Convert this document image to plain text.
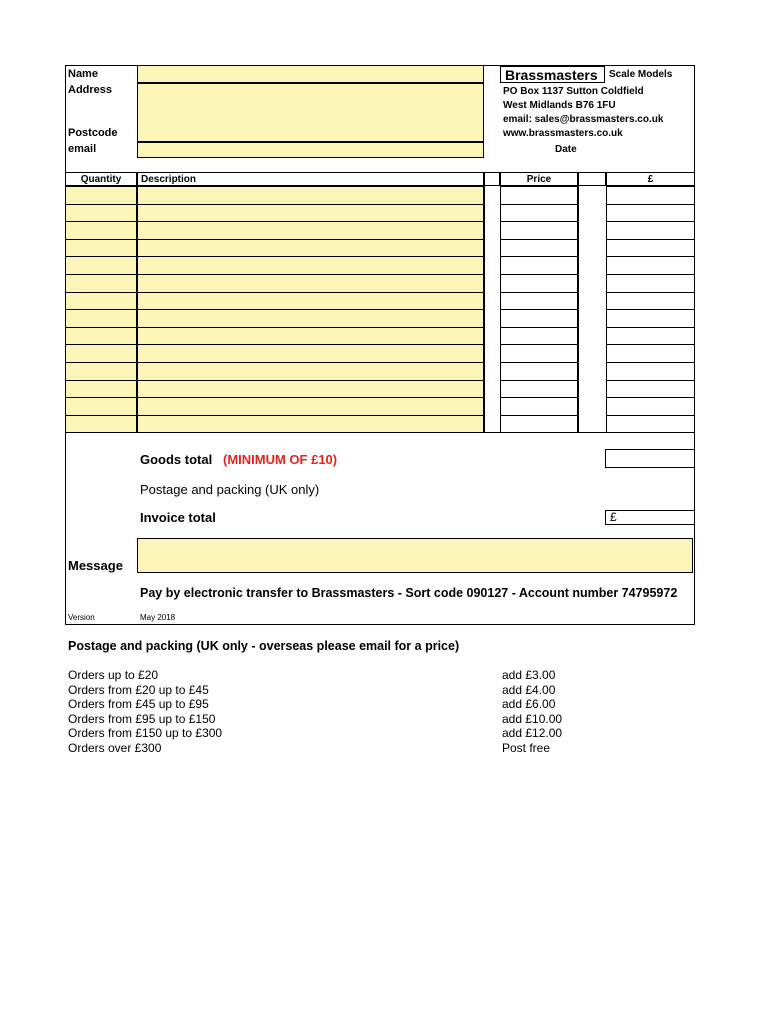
Name
Address
Postcode
email
Brassmasters Scale Models
PO Box 1137 Sutton Coldfield
West Midlands B76 1FU
email: sales@brassmasters.co.uk
www.brassmasters.co.uk
Date
Quantity	Description	Price	£
Goods total (MINIMUM OF £10)
Postage and packing (UK only)
Invoice total	£
Message
Pay by electronic transfer to Brassmasters - Sort code 090127 - Account number 74795972
Version	May 2018
Postage and packing (UK only - overseas please email for a price)
Orders up to £20	add £3.00
Orders from £20 up to £45	add £4.00
Orders from £45 up to £95	add £6.00
Orders from £95 up to £150	add £10.00
Orders from £150 up to £300	add £12.00
Orders over £300	Post free
